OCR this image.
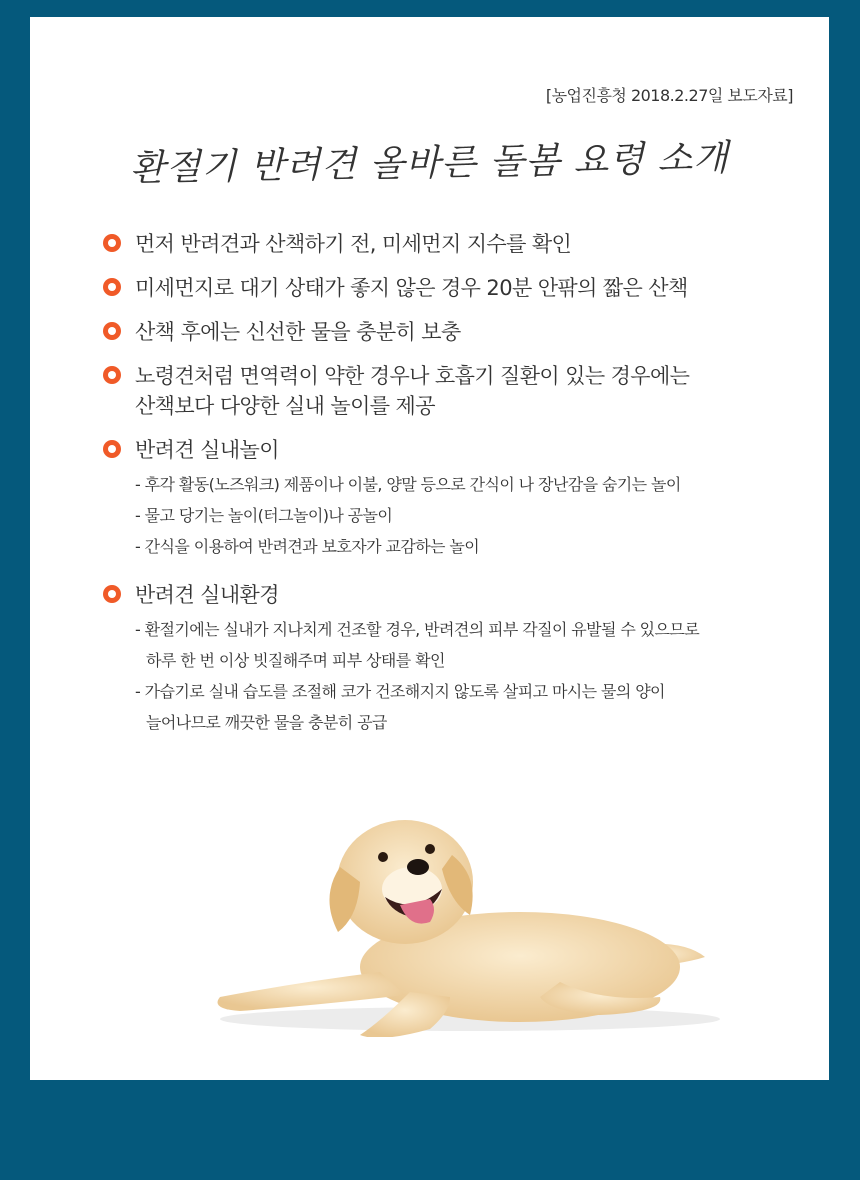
[농업진흥청 2018.2.27일 보도자료]
환절기 반려견 올바른 돌봄 요령 소개
먼저 반려견과 산책하기 전, 미세먼지 지수를 확인
미세먼지로 대기 상태가 좋지 않은 경우 20분 안팎의 짧은 산책
산책 후에는 신선한 물을 충분히 보충
노령견처럼 면역력이 약한 경우나 호흡기 질환이 있는 경우에는
산책보다 다양한 실내 놀이를 제공
반려견 실내놀이
- 후각 활동(노즈워크) 제품이나 이불, 양말 등으로 간식이 나 장난감을 숨기는 놀이
- 물고 당기는 놀이(터그놀이)나 공놀이
- 간식을 이용하여 반려견과 보호자가 교감하는 놀이
반려견 실내환경
- 환절기에는 실내가 지나치게 건조할 경우, 반려견의 피부 각질이 유발될 수 있으므로
하루 한 번 이상 빗질해주며 피부 상태를 확인
- 가습기로 실내 습도를 조절해 코가 건조해지지 않도록 살피고 마시는 물의 양이
늘어나므로 깨끗한 물을 충분히 공급
